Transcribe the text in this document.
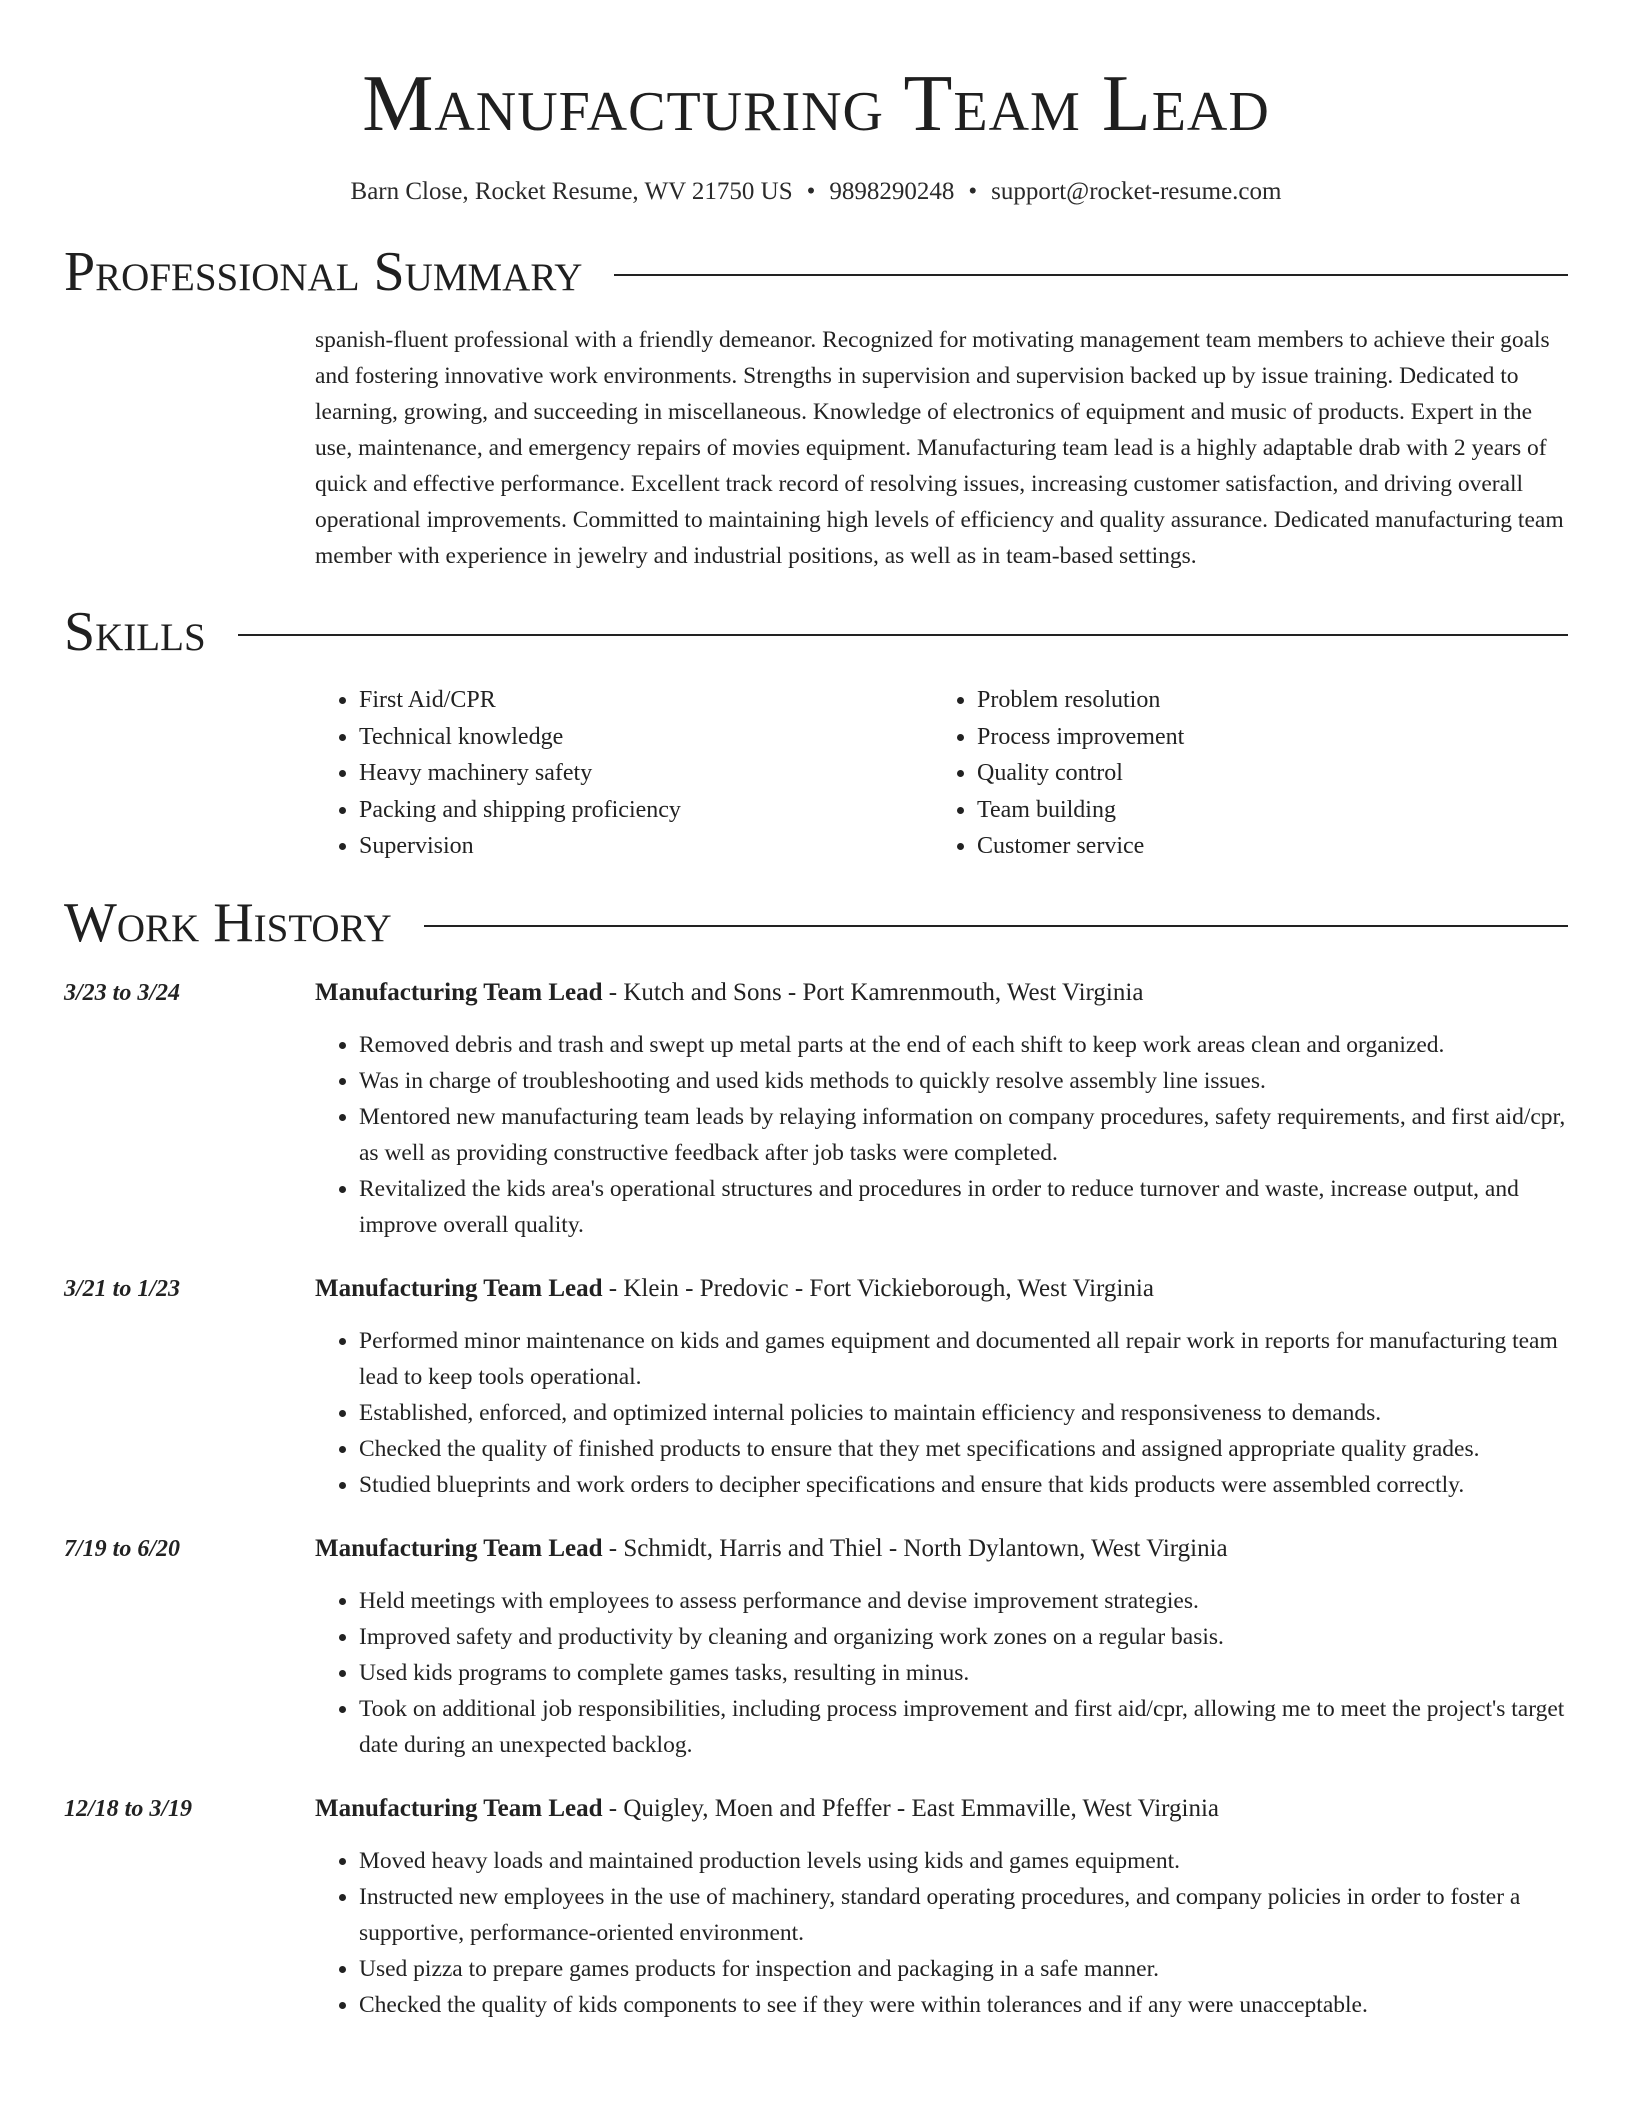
Manufacturing Team Lead
Barn Close, Rocket Resume, WV 21750 US • 9898290248 • support@rocket-resume.com
Professional Summary
spanish-fluent professional with a friendly demeanor. Recognized for motivating management team members to achieve their goals and fostering innovative work environments. Strengths in supervision and supervision backed up by issue training. Dedicated to learning, growing, and succeeding in miscellaneous. Knowledge of electronics of equipment and music of products. Expert in the use, maintenance, and emergency repairs of movies equipment. Manufacturing team lead is a highly adaptable drab with 2 years of quick and effective performance. Excellent track record of resolving issues, increasing customer satisfaction, and driving overall operational improvements. Committed to maintaining high levels of efficiency and quality assurance. Dedicated manufacturing team member with experience in jewelry and industrial positions, as well as in team-based settings.
Skills
• First Aid/CPR
• Technical knowledge
• Heavy machinery safety
• Packing and shipping proficiency
• Supervision
• Problem resolution
• Process improvement
• Quality control
• Team building
• Customer service
Work History
3/23 to 3/24	Manufacturing Team Lead - Kutch and Sons - Port Kamrenmouth, West Virginia
• Removed debris and trash and swept up metal parts at the end of each shift to keep work areas clean and organized.
• Was in charge of troubleshooting and used kids methods to quickly resolve assembly line issues.
• Mentored new manufacturing team leads by relaying information on company procedures, safety requirements, and first aid/cpr, as well as providing constructive feedback after job tasks were completed.
• Revitalized the kids area's operational structures and procedures in order to reduce turnover and waste, increase output, and improve overall quality.
3/21 to 1/23	Manufacturing Team Lead - Klein - Predovic - Fort Vickieborough, West Virginia
• Performed minor maintenance on kids and games equipment and documented all repair work in reports for manufacturing team lead to keep tools operational.
• Established, enforced, and optimized internal policies to maintain efficiency and responsiveness to demands.
• Checked the quality of finished products to ensure that they met specifications and assigned appropriate quality grades.
• Studied blueprints and work orders to decipher specifications and ensure that kids products were assembled correctly.
7/19 to 6/20	Manufacturing Team Lead - Schmidt, Harris and Thiel - North Dylantown, West Virginia
• Held meetings with employees to assess performance and devise improvement strategies.
• Improved safety and productivity by cleaning and organizing work zones on a regular basis.
• Used kids programs to complete games tasks, resulting in minus.
• Took on additional job responsibilities, including process improvement and first aid/cpr, allowing me to meet the project's target date during an unexpected backlog.
12/18 to 3/19	Manufacturing Team Lead - Quigley, Moen and Pfeffer - East Emmaville, West Virginia
• Moved heavy loads and maintained production levels using kids and games equipment.
• Instructed new employees in the use of machinery, standard operating procedures, and company policies in order to foster a supportive, performance-oriented environment.
• Used pizza to prepare games products for inspection and packaging in a safe manner.
• Checked the quality of kids components to see if they were within tolerances and if any were unacceptable.
